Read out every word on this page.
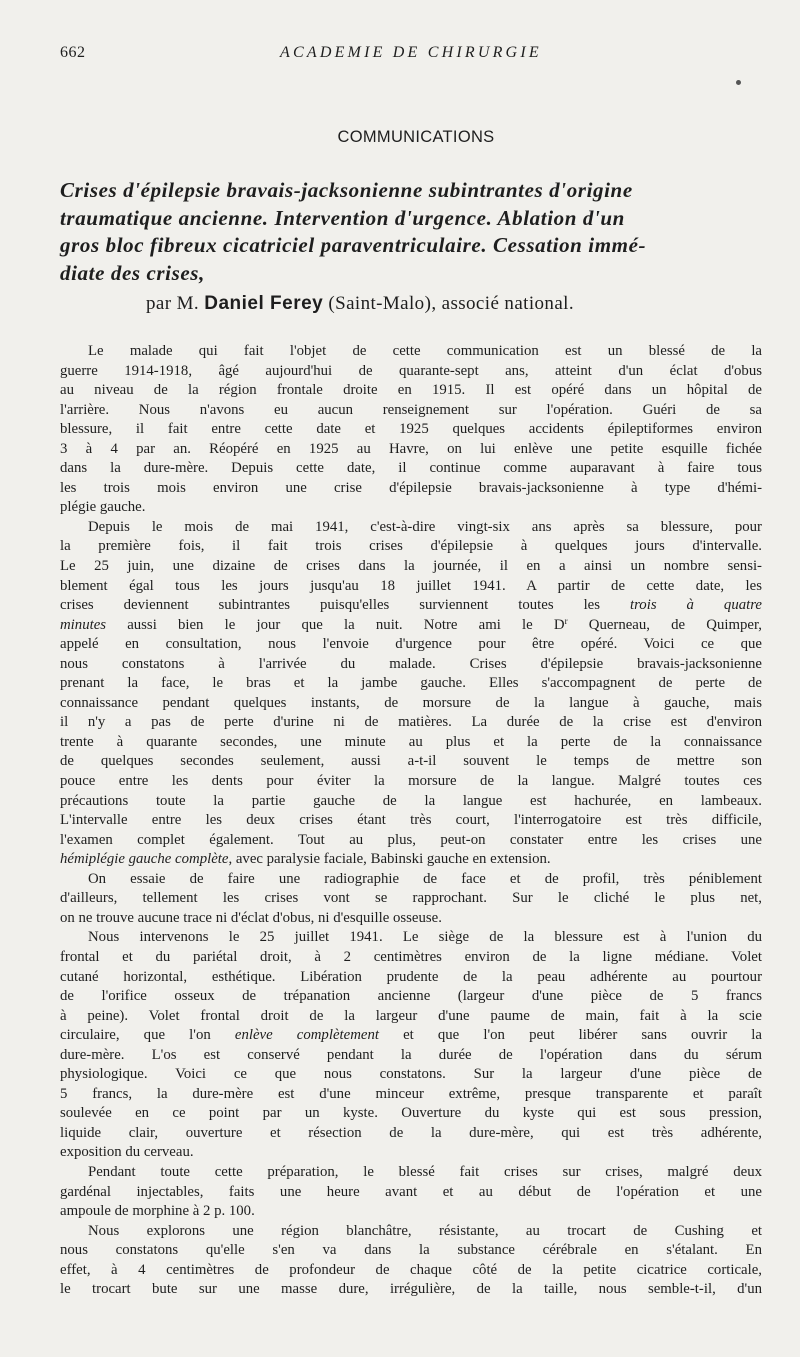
662	ACADEMIE DE CHIRURGIE
COMMUNICATIONS
Crises d'épilepsie bravais-jacksonienne subintrantes d'origine
traumatique ancienne. Intervention d'urgence. Ablation d'un
gros bloc fibreux cicatriciel paraventriculaire. Cessation immé-
diate des crises,
par M. Daniel Ferey (Saint-Malo), associé national.
Le malade qui fait l'objet de cette communication est un blessé de la
guerre 1914-1918, âgé aujourd'hui de quarante-sept ans, atteint d'un éclat d'obus
au niveau de la région frontale droite en 1915. Il est opéré dans un hôpital de
l'arrière. Nous n'avons eu aucun renseignement sur l'opération. Guéri de sa
blessure, il fait entre cette date et 1925 quelques accidents épileptiformes environ
3 à 4 par an. Réopéré en 1925 au Havre, on lui enlève une petite esquille fichée
dans la dure-mère. Depuis cette date, il continue comme auparavant à faire tous
les trois mois environ une crise d'épilepsie bravais-jacksonienne à type d'hémi-
plégie gauche.
Depuis le mois de mai 1941, c'est-à-dire vingt-six ans après sa blessure, pour
la première fois, il fait trois crises d'épilepsie à quelques jours d'intervalle.
Le 25 juin, une dizaine de crises dans la journée, il en a ainsi un nombre sensi-
blement égal tous les jours jusqu'au 18 juillet 1941. A partir de cette date, les
crises deviennent subintrantes puisqu'elles surviennent toutes les trois à quatre
minutes aussi bien le jour que la nuit. Notre ami le $D^r$ Querneau, de Quimper,
appelé en consultation, nous l'envoie d'urgence pour être opéré. Voici ce que
nous constatons à l'arrivée du malade. Crises d'épilepsie bravais-jacksonienne
prenant la face, le bras et la jambe gauche. Elles s'accompagnent de perte de
connaissance pendant quelques instants, de morsure de la langue à gauche, mais
il n'y a pas de perte d'urine ni de matières. La durée de la crise est d'environ
trente à quarante secondes, une minute au plus et la perte de la connaissance
de quelques secondes seulement, aussi a-t-il souvent le temps de mettre son
pouce entre les dents pour éviter la morsure de la langue. Malgré toutes ces
précautions toute la partie gauche de la langue est hachurée, en lambeaux.
L'intervalle entre les deux crises étant très court, l'interrogatoire est très difficile,
l'examen complet également. Tout au plus, peut-on constater entre les crises une
hémiplégie gauche complète, avec paralysie faciale, Babinski gauche en extension.
On essaie de faire une radiographie de face et de profil, très péniblement
d'ailleurs, tellement les crises vont se rapprochant. Sur le cliché le plus net,
on ne trouve aucune trace ni d'éclat d'obus, ni d'esquille osseuse.
Nous intervenons le 25 juillet 1941. Le siège de la blessure est à l'union du
frontal et du pariétal droit, à 2 centimètres environ de la ligne médiane. Volet
cutané horizontal, esthétique. Libération prudente de la peau adhérente au pourtour
de l'orifice osseux de trépanation ancienne (largeur d'une pièce de 5 francs
à peine). Volet frontal droit de la largeur d'une paume de main, fait à la scie
circulaire, que l'on enlève complètement et que l'on peut libérer sans ouvrir la
dure-mère. L'os est conservé pendant la durée de l'opération dans du sérum
physiologique. Voici ce que nous constatons. Sur la largeur d'une pièce de
5 francs, la dure-mère est d'une minceur extrême, presque transparente et paraît
soulevée en ce point par un kyste. Ouverture du kyste qui est sous pression,
liquide clair, ouverture et résection de la dure-mère, qui est très adhérente,
exposition du cerveau.
Pendant toute cette préparation, le blessé fait crises sur crises, malgré deux
gardénal injectables, faits une heure avant et au début de l'opération et une
ampoule de morphine à 2 p. 100.
Nous explorons une région blanchâtre, résistante, au trocart de Cushing et
nous constatons qu'elle s'en va dans la substance cérébrale en s'étalant. En
effet, à 4 centimètres de profondeur de chaque côté de la petite cicatrice corticale,
le trocart bute sur une masse dure, irrégulière, de la taille, nous semble-t-il, d'un
